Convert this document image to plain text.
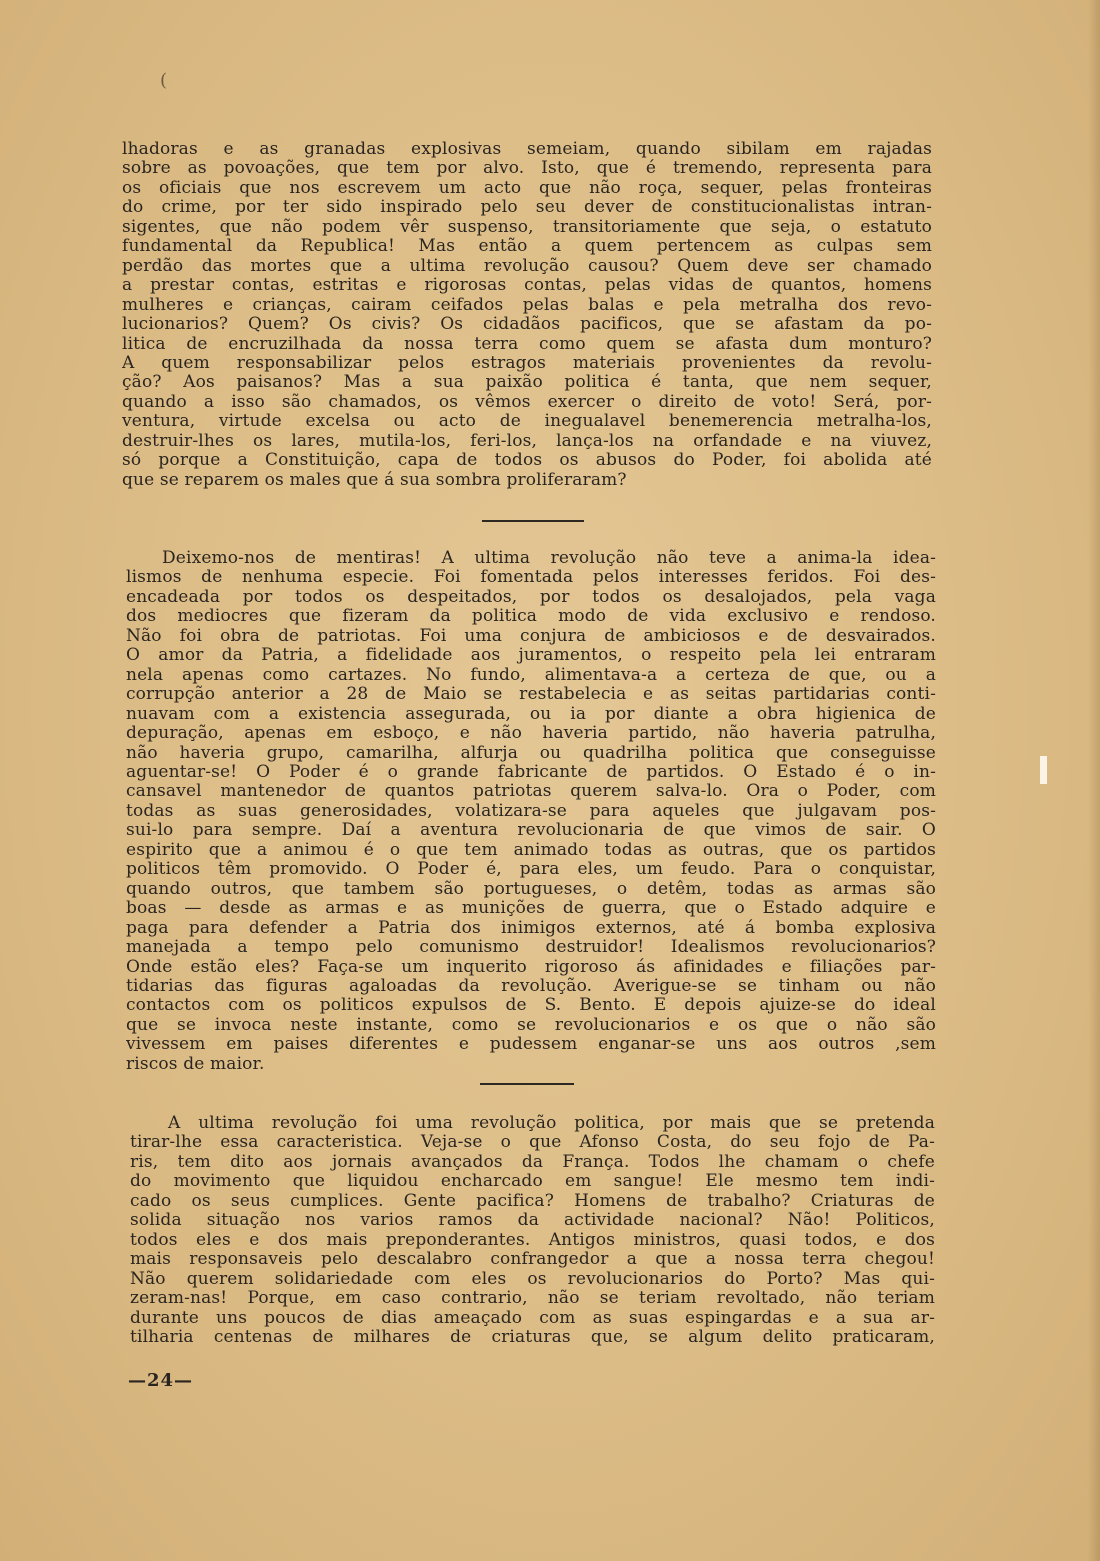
(
lhadoras e as granadas explosivas semeiam, quando sibilam em rajadas
sobre as povoações, que tem por alvo. Isto, que é tremendo, representa para
os oficiais que nos escrevem um acto que não roça, sequer, pelas fronteiras
do crime, por ter sido inspirado pelo seu dever de constitucionalistas intran-
sigentes, que não podem vêr suspenso, transitoriamente que seja, o estatuto
fundamental da Republica! Mas então a quem pertencem as culpas sem
perdão das mortes que a ultima revolução causou? Quem deve ser chamado
a prestar contas, estritas e rigorosas contas, pelas vidas de quantos, homens
mulheres e crianças, cairam ceifados pelas balas e pela metralha dos revo-
lucionarios? Quem? Os civis? Os cidadãos pacificos, que se afastam da po-
litica de encruzilhada da nossa terra como quem se afasta dum monturo?
A quem responsabilizar pelos estragos materiais provenientes da revolu-
ção? Aos paisanos? Mas a sua paixão politica é tanta, que nem sequer,
quando a isso são chamados, os vêmos exercer o direito de voto! Será, por-
ventura, virtude excelsa ou acto de inegualavel benemerencia metralha-los,
destruir-lhes os lares, mutila-los, feri-los, lança-los na orfandade e na viuvez,
só porque a Constituição, capa de todos os abusos do Poder, foi abolida até
que se reparem os males que á sua sombra proliferaram?
Deixemo-nos de mentiras! A ultima revolução não teve a anima-la idea-
lismos de nenhuma especie. Foi fomentada pelos interesses feridos. Foi des-
encadeada por todos os despeitados, por todos os desalojados, pela vaga
dos mediocres que fizeram da politica modo de vida exclusivo e rendoso.
Não foi obra de patriotas. Foi uma conjura de ambiciosos e de desvairados.
O amor da Patria, a fidelidade aos juramentos, o respeito pela lei entraram
nela apenas como cartazes. No fundo, alimentava-a a certeza de que, ou a
corrupção anterior a 28 de Maio se restabelecia e as seitas partidarias conti-
nuavam com a existencia assegurada, ou ia por diante a obra higienica de
depuração, apenas em esboço, e não haveria partido, não haveria patrulha,
não haveria grupo, camarilha, alfurja ou quadrilha politica que conseguisse
aguentar-se! O Poder é o grande fabricante de partidos. O Estado é o in-
cansavel mantenedor de quantos patriotas querem salva-lo. Ora o Poder, com
todas as suas generosidades, volatizara-se para aqueles que julgavam pos-
sui-lo para sempre. Daí a aventura revolucionaria de que vimos de sair. O
espirito que a animou é o que tem animado todas as outras, que os partidos
politicos têm promovido. O Poder é, para eles, um feudo. Para o conquistar,
quando outros, que tambem são portugueses, o detêm, todas as armas são
boas — desde as armas e as munições de guerra, que o Estado adquire e
paga para defender a Patria dos inimigos externos, até á bomba explosiva
manejada a tempo pelo comunismo destruidor! Idealismos revolucionarios?
Onde estão eles? Faça-se um inquerito rigoroso ás afinidades e filiações par-
tidarias das figuras agaloadas da revolução. Averigue-se se tinham ou não
contactos com os politicos expulsos de S. Bento. E depois ajuize-se do ideal
que se invoca neste instante, como se revolucionarios e os que o não são
vivessem em paises diferentes e pudessem enganar-se uns aos outros ,sem
riscos de maior.
A ultima revolução foi uma revolução politica, por mais que se pretenda
tirar-lhe essa caracteristica. Veja-se o que Afonso Costa, do seu fojo de Pa-
ris, tem dito aos jornais avançados da França. Todos lhe chamam o chefe
do movimento que liquidou encharcado em sangue! Ele mesmo tem indi-
cado os seus cumplices. Gente pacifica? Homens de trabalho? Criaturas de
solida situação nos varios ramos da actividade nacional? Não! Politicos,
todos eles e dos mais preponderantes. Antigos ministros, quasi todos, e dos
mais responsaveis pelo descalabro confrangedor a que a nossa terra chegou!
Não querem solidariedade com eles os revolucionarios do Porto? Mas qui-
zeram-nas! Porque, em caso contrario, não se teriam revoltado, não teriam
durante uns poucos de dias ameaçado com as suas espingardas e a sua ar-
tilharia centenas de milhares de criaturas que, se algum delito praticaram,
—24—
